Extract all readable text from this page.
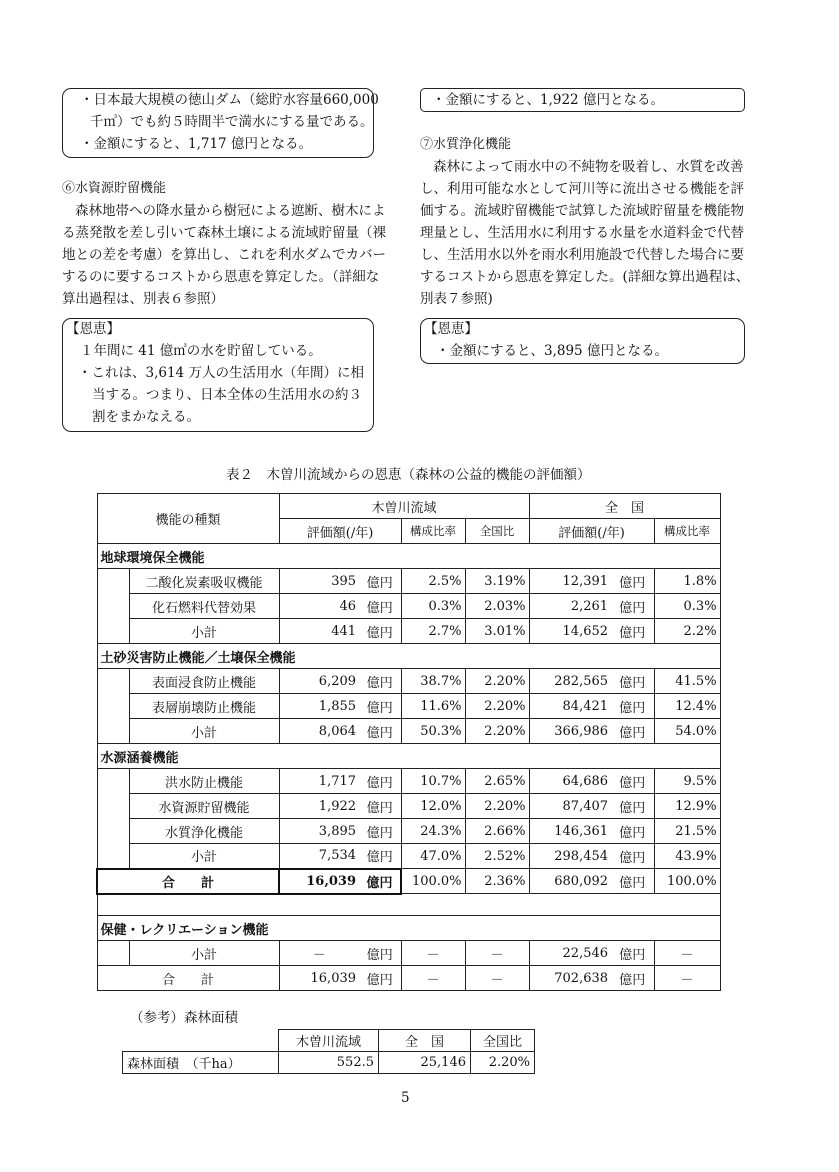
・日本最大規模の徳山ダム（総貯水容量660,000
千㎥）でも約５時間半で満水にする量である。
・金額にすると、1,717 億円となる。
⑥水資源貯留機能
森林地帯への降水量から樹冠による遮断、樹木によ
る蒸発散を差し引いて森林土壌による流域貯留量（裸
地との差を考慮）を算出し、これを利水ダムでカバー
するのに要するコストから恩恵を算定した。（詳細な
算出過程は、別表６参照）
【恩恵】
１年間に 41 億㎥の水を貯留している。
・これは、3,614 万人の生活用水（年間）に相
当する。つまり、日本全体の生活用水の約３
割をまかなえる。
・金額にすると、1,922 億円となる。
⑦水質浄化機能
森林によって雨水中の不純物を吸着し、水質を改善
し、利用可能な水として河川等に流出させる機能を評
価する。流域貯留機能で試算した流域貯留量を機能物
理量とし、生活用水に利用する水量を水道料金で代替
し、生活用水以外を雨水利用施設で代替した場合に要
するコストから恩恵を算定した。(詳細な算出過程は、
別表７参照)
【恩恵】
・金額にすると、3,895 億円となる。
表２　木曽川流域からの恩恵（森林の公益的機能の評価額）
機能の種類		木曽川流域				全　国		
		評価額(/年)		構成比率	全国比	評価額(/年)		構成比率
地球環境保全機能								
	二酸化炭素吸収機能	395	億円	2.5%	3.19%	12,391	億円	1.8%
	化石燃料代替効果	46	億円	0.3%	2.03%	2,261	億円	0.3%
	小計	441	億円	2.7%	3.01%	14,652	億円	2.2%
土砂災害防止機能／土壌保全機能								
	表面浸食防止機能	6,209	億円	38.7%	2.20%	282,565	億円	41.5%
	表層崩壊防止機能	1,855	億円	11.6%	2.20%	84,421	億円	12.4%
	小計	8,064	億円	50.3%	2.20%	366,986	億円	54.0%
水源涵養機能								
	洪水防止機能	1,717	億円	10.7%	2.65%	64,686	億円	9.5%
	水資源貯留機能	1,922	億円	12.0%	2.20%	87,407	億円	12.9%
	水質浄化機能	3,895	億円	24.3%	2.66%	146,361	億円	21.5%
	小計	7,534	億円	47.0%	2.52%	298,454	億円	43.9%
合　　計		16,039	億円	100.0%	2.36%	680,092	億円	100.0%

保健・レクリエーション機能								
	小計	－	億円	－	－	22,546	億円	－
合　　計		16,039	億円	－	－	702,638	億円	－
（参考）森林面積
	木曽川流域	全　国	全国比
森林面積　（千ha）	552.5	25,146	2.20%
5
